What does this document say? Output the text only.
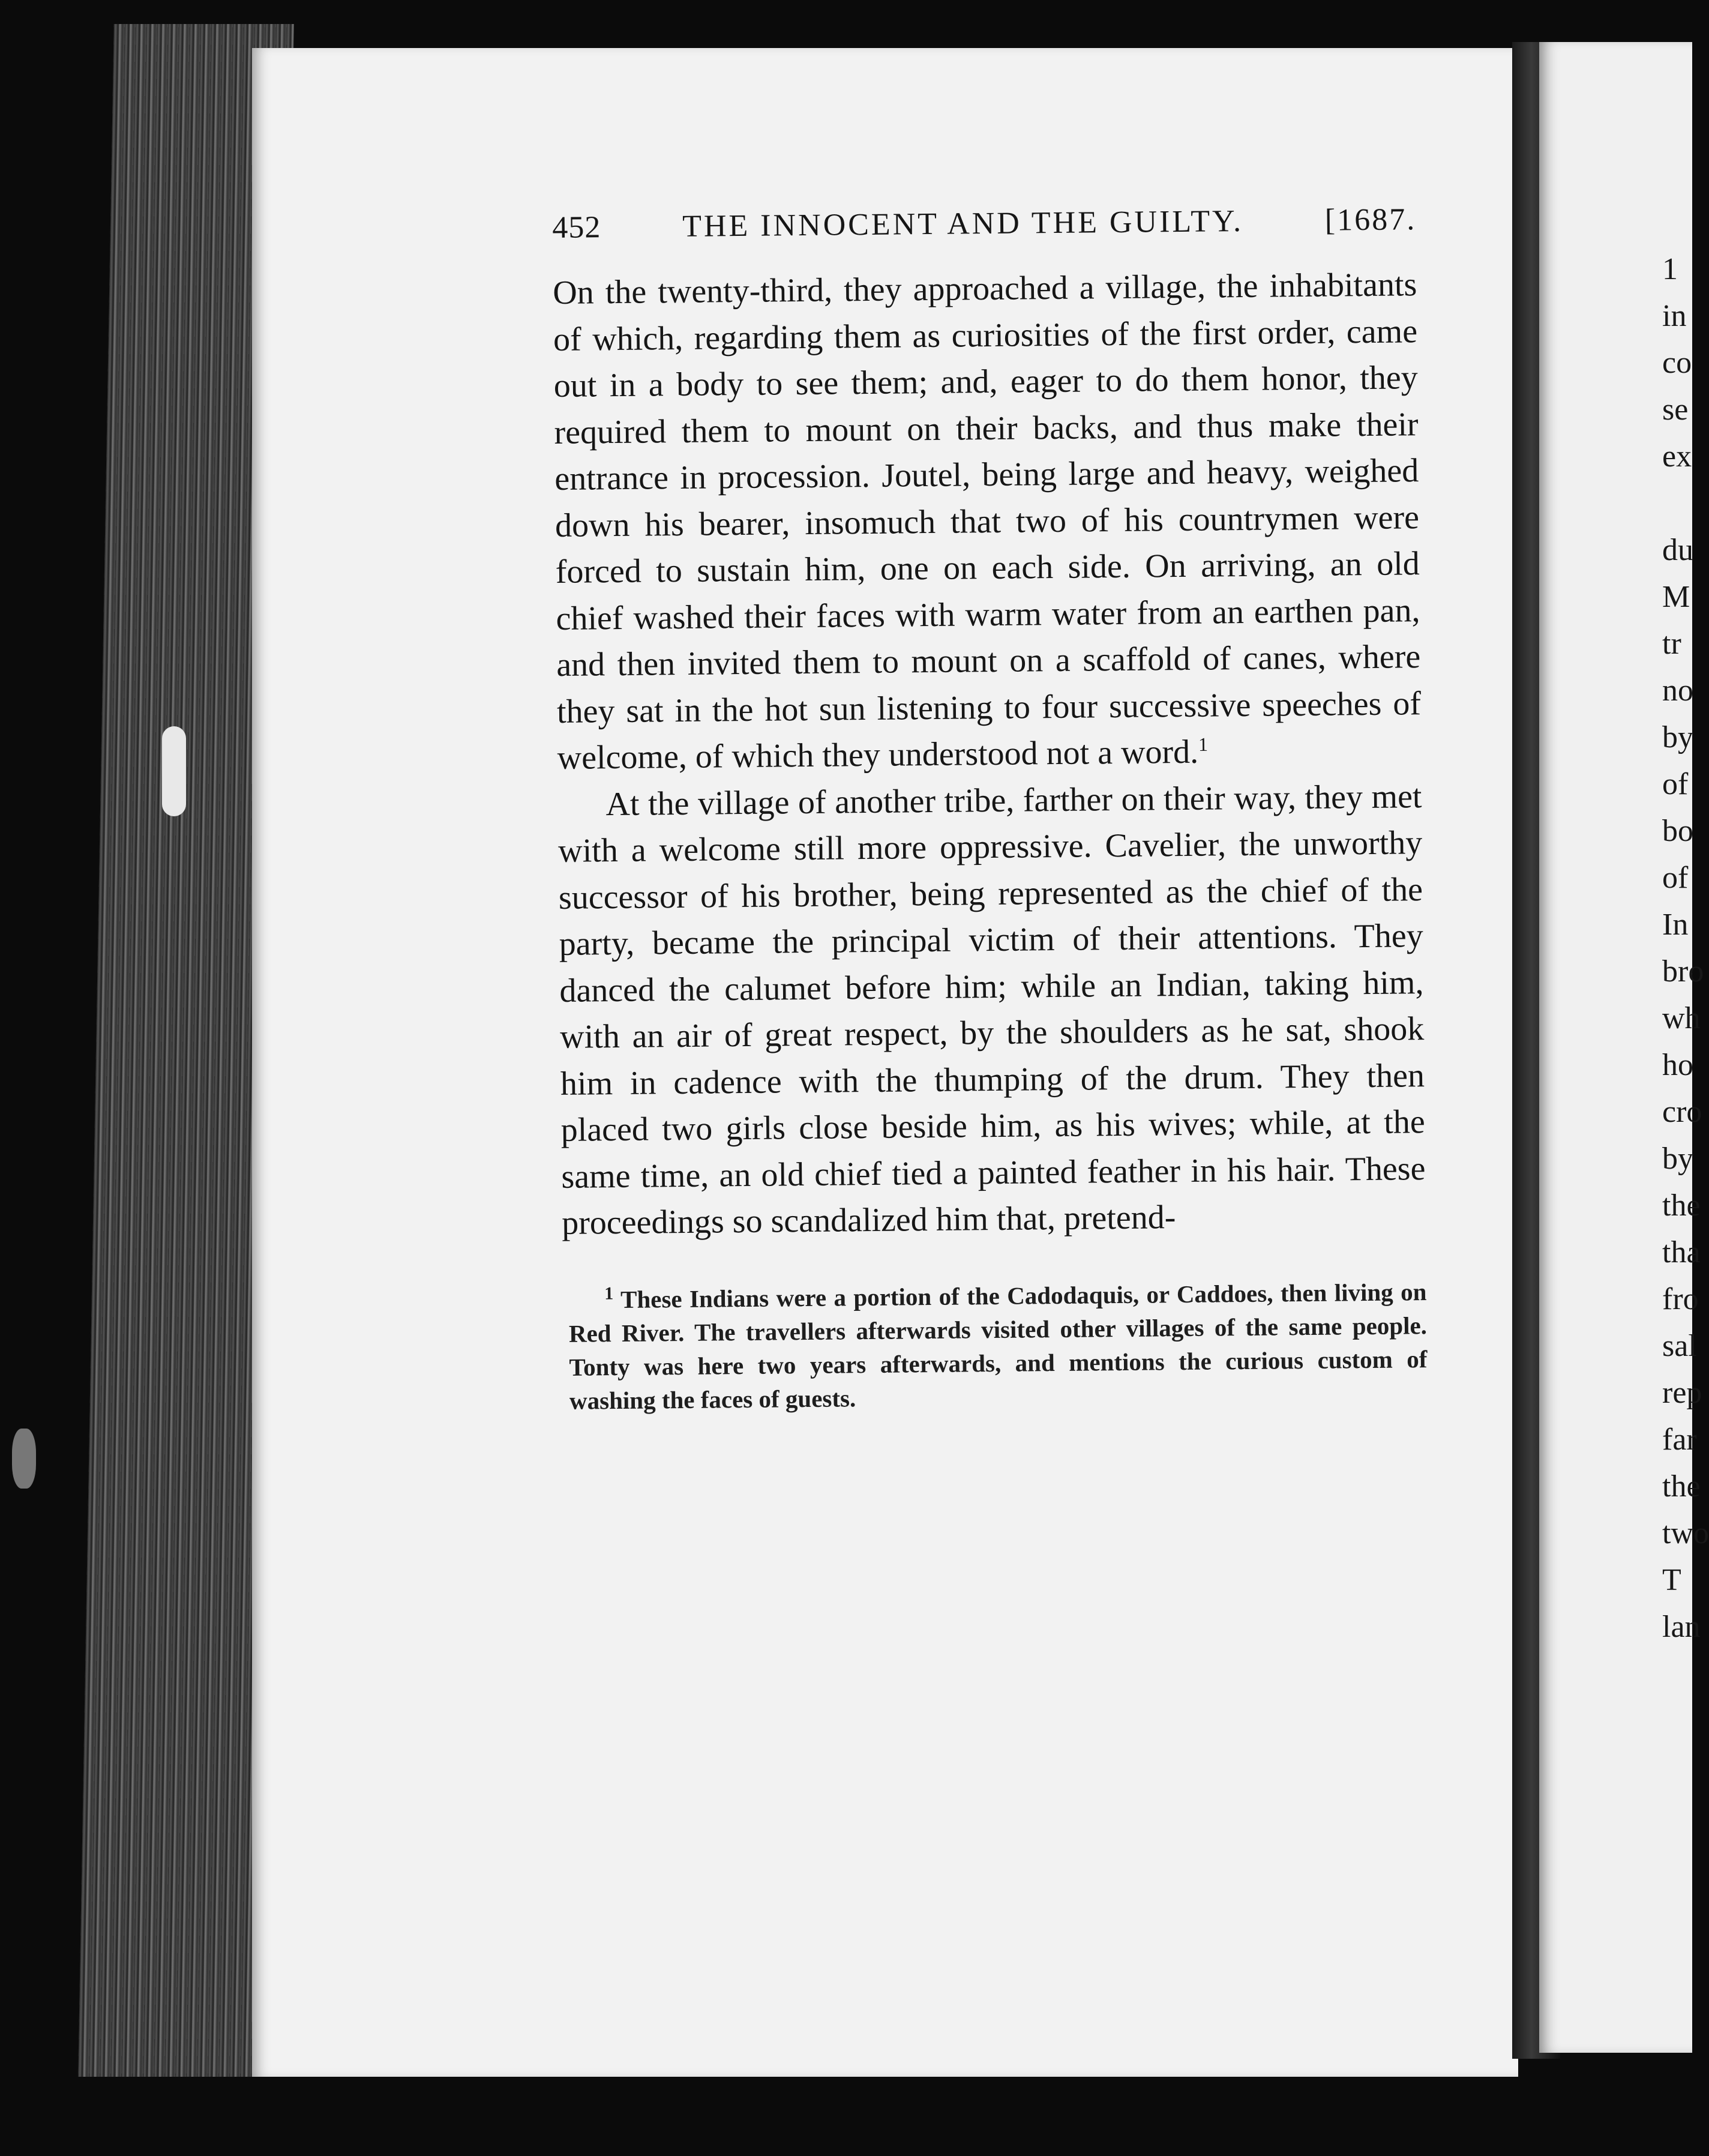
1
in
co
se
ex
du
M
tr
no
by
of
bo
of
In
bro
wh
ho
cro
by
the
tha
fro
sal
rep
far
the
two
T
lan
452	THE INNOCENT AND THE GUILTY.	[1687.

On the twenty-third, they approached a village, the inhabitants of which, regarding them as curiosities of the first order, came out in a body to see them; and, eager to do them honor, they required them to mount on their backs, and thus make their entrance in procession. Joutel, being large and heavy, weighed down his bearer, insomuch that two of his countrymen were forced to sustain him, one on each side. On arriving, an old chief washed their faces with warm water from an earthen pan, and then invited them to mount on a scaffold of canes, where they sat in the hot sun listening to four successive speeches of welcome, of which they understood not a word.$^1$

At the village of another tribe, farther on their way, they met with a welcome still more oppressive. Cavelier, the unworthy successor of his brother, being represented as the chief of the party, became the principal victim of their attentions. They danced the calumet before him; while an Indian, taking him, with an air of great respect, by the shoulders as he sat, shook him in cadence with the thumping of the drum. They then placed two girls close beside him, as his wives; while, at the same time, an old chief tied a painted feather in his hair. These proceedings so scandalized him that, pretend-

$^1$ These Indians were a portion of the Cadodaquis, or Caddoes, then living on Red River. The travellers afterwards visited other villages of the same people. Tonty was here two years afterwards, and mentions the curious custom of washing the faces of guests.
